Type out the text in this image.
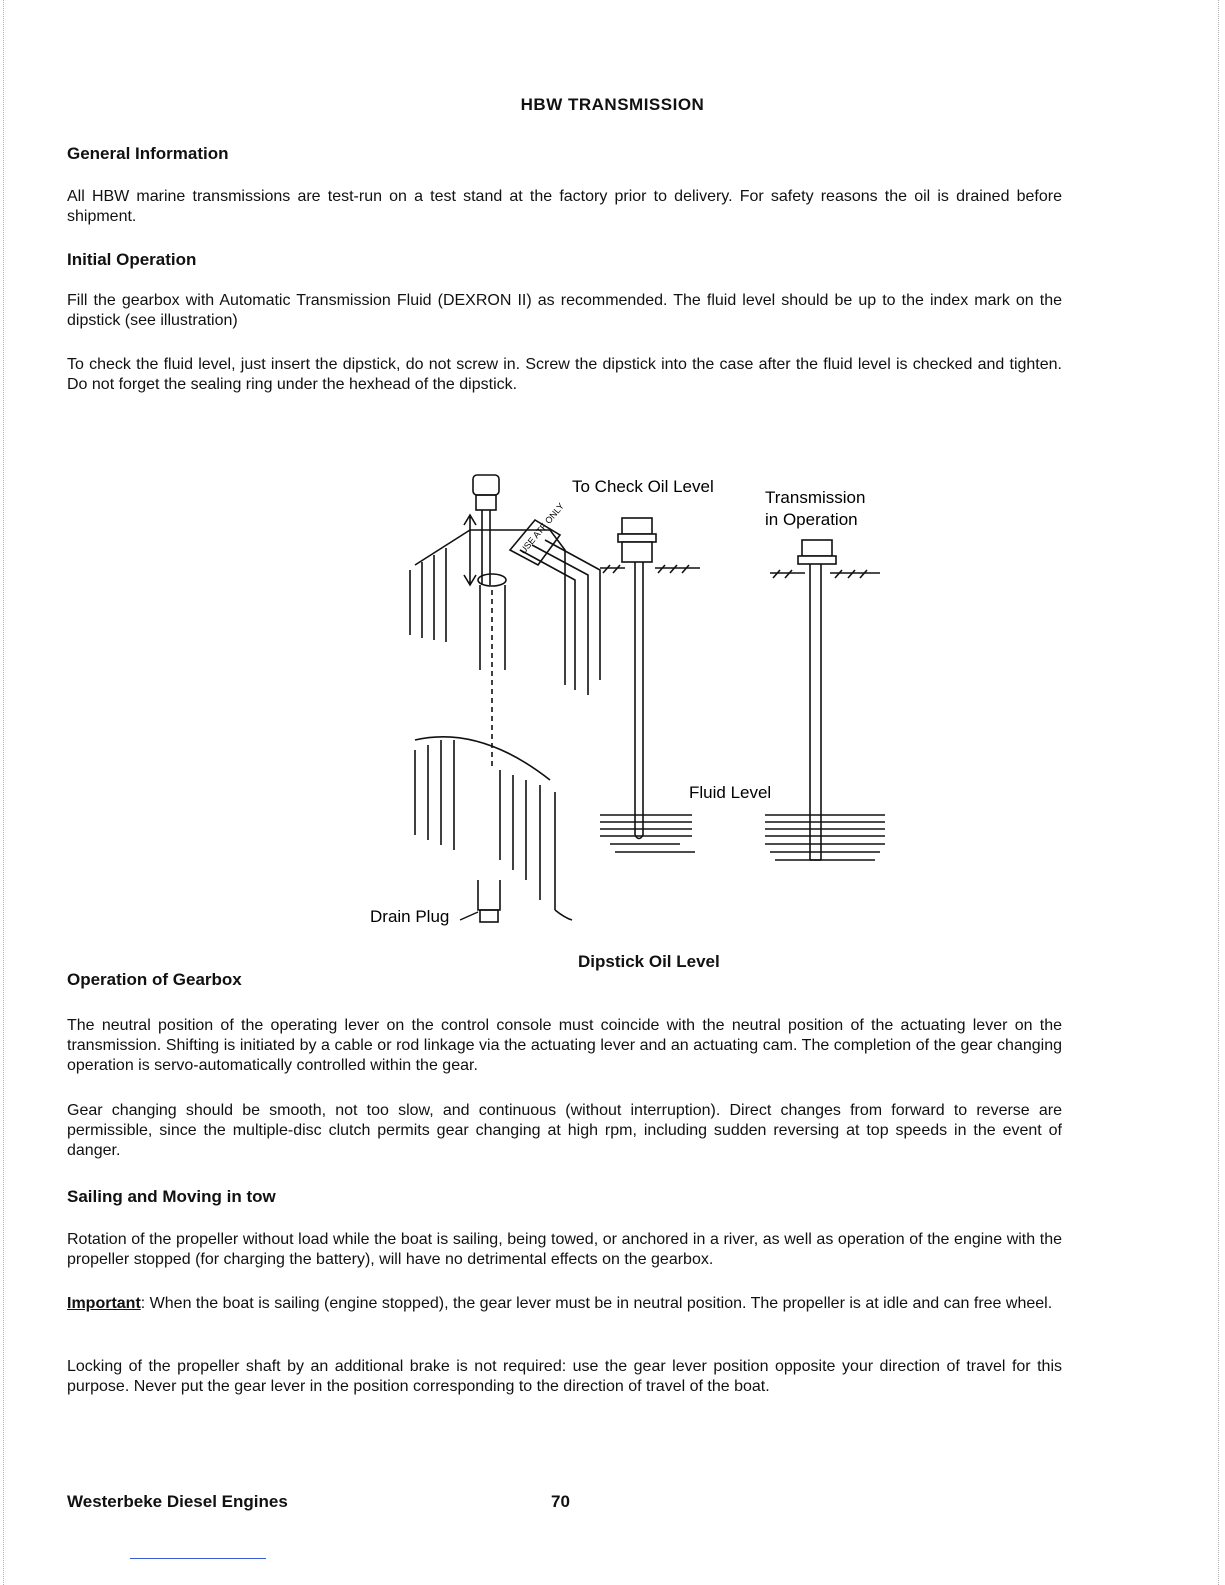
HBW TRANSMISSION
General Information
All HBW marine transmissions are test-run on a test stand at the factory prior to delivery. For safety reasons the oil is drained before shipment.
Initial Operation
Fill the gearbox with Automatic Transmission Fluid (DEXRON II) as recommended. The fluid level should be up to the index mark on the dipstick (see illustration)
To check the fluid level, just insert the dipstick, do not screw in. Screw the dipstick into the case after the fluid level is checked and tighten. Do not forget the sealing ring under the hexhead of the dipstick.
USE ATF ONLY
To Check Oil Level
Transmission
in Operation
Fluid Level
Drain Plug
Dipstick Oil Level
Operation of Gearbox
The neutral position of the operating lever on the control console must coincide with the neutral position of the actuating lever on the transmission. Shifting is initiated by a cable or rod linkage via the actuating lever and an actuating cam. The completion of the gear changing operation is servo-automatically controlled within the gear.
Gear changing should be smooth, not too slow, and continuous (without interruption). Direct changes from forward to reverse are permissible, since the multiple-disc clutch permits gear changing at high rpm, including sudden reversing at top speeds in the event of danger.
Sailing and Moving in tow
Rotation of the propeller without load while the boat is sailing, being towed, or anchored in a river, as well as operation of the engine with the propeller stopped (for charging the battery), will have no detrimental effects on the gearbox.
Important: When the boat is sailing (engine stopped), the gear lever must be in neutral position. The propeller is at idle and can free wheel.
Locking of the propeller shaft by an additional brake is not required: use the gear lever position opposite your direction of travel for this purpose. Never put the gear lever in the position corresponding to the direction of travel of the boat.
Westerbeke Diesel Engines	70
